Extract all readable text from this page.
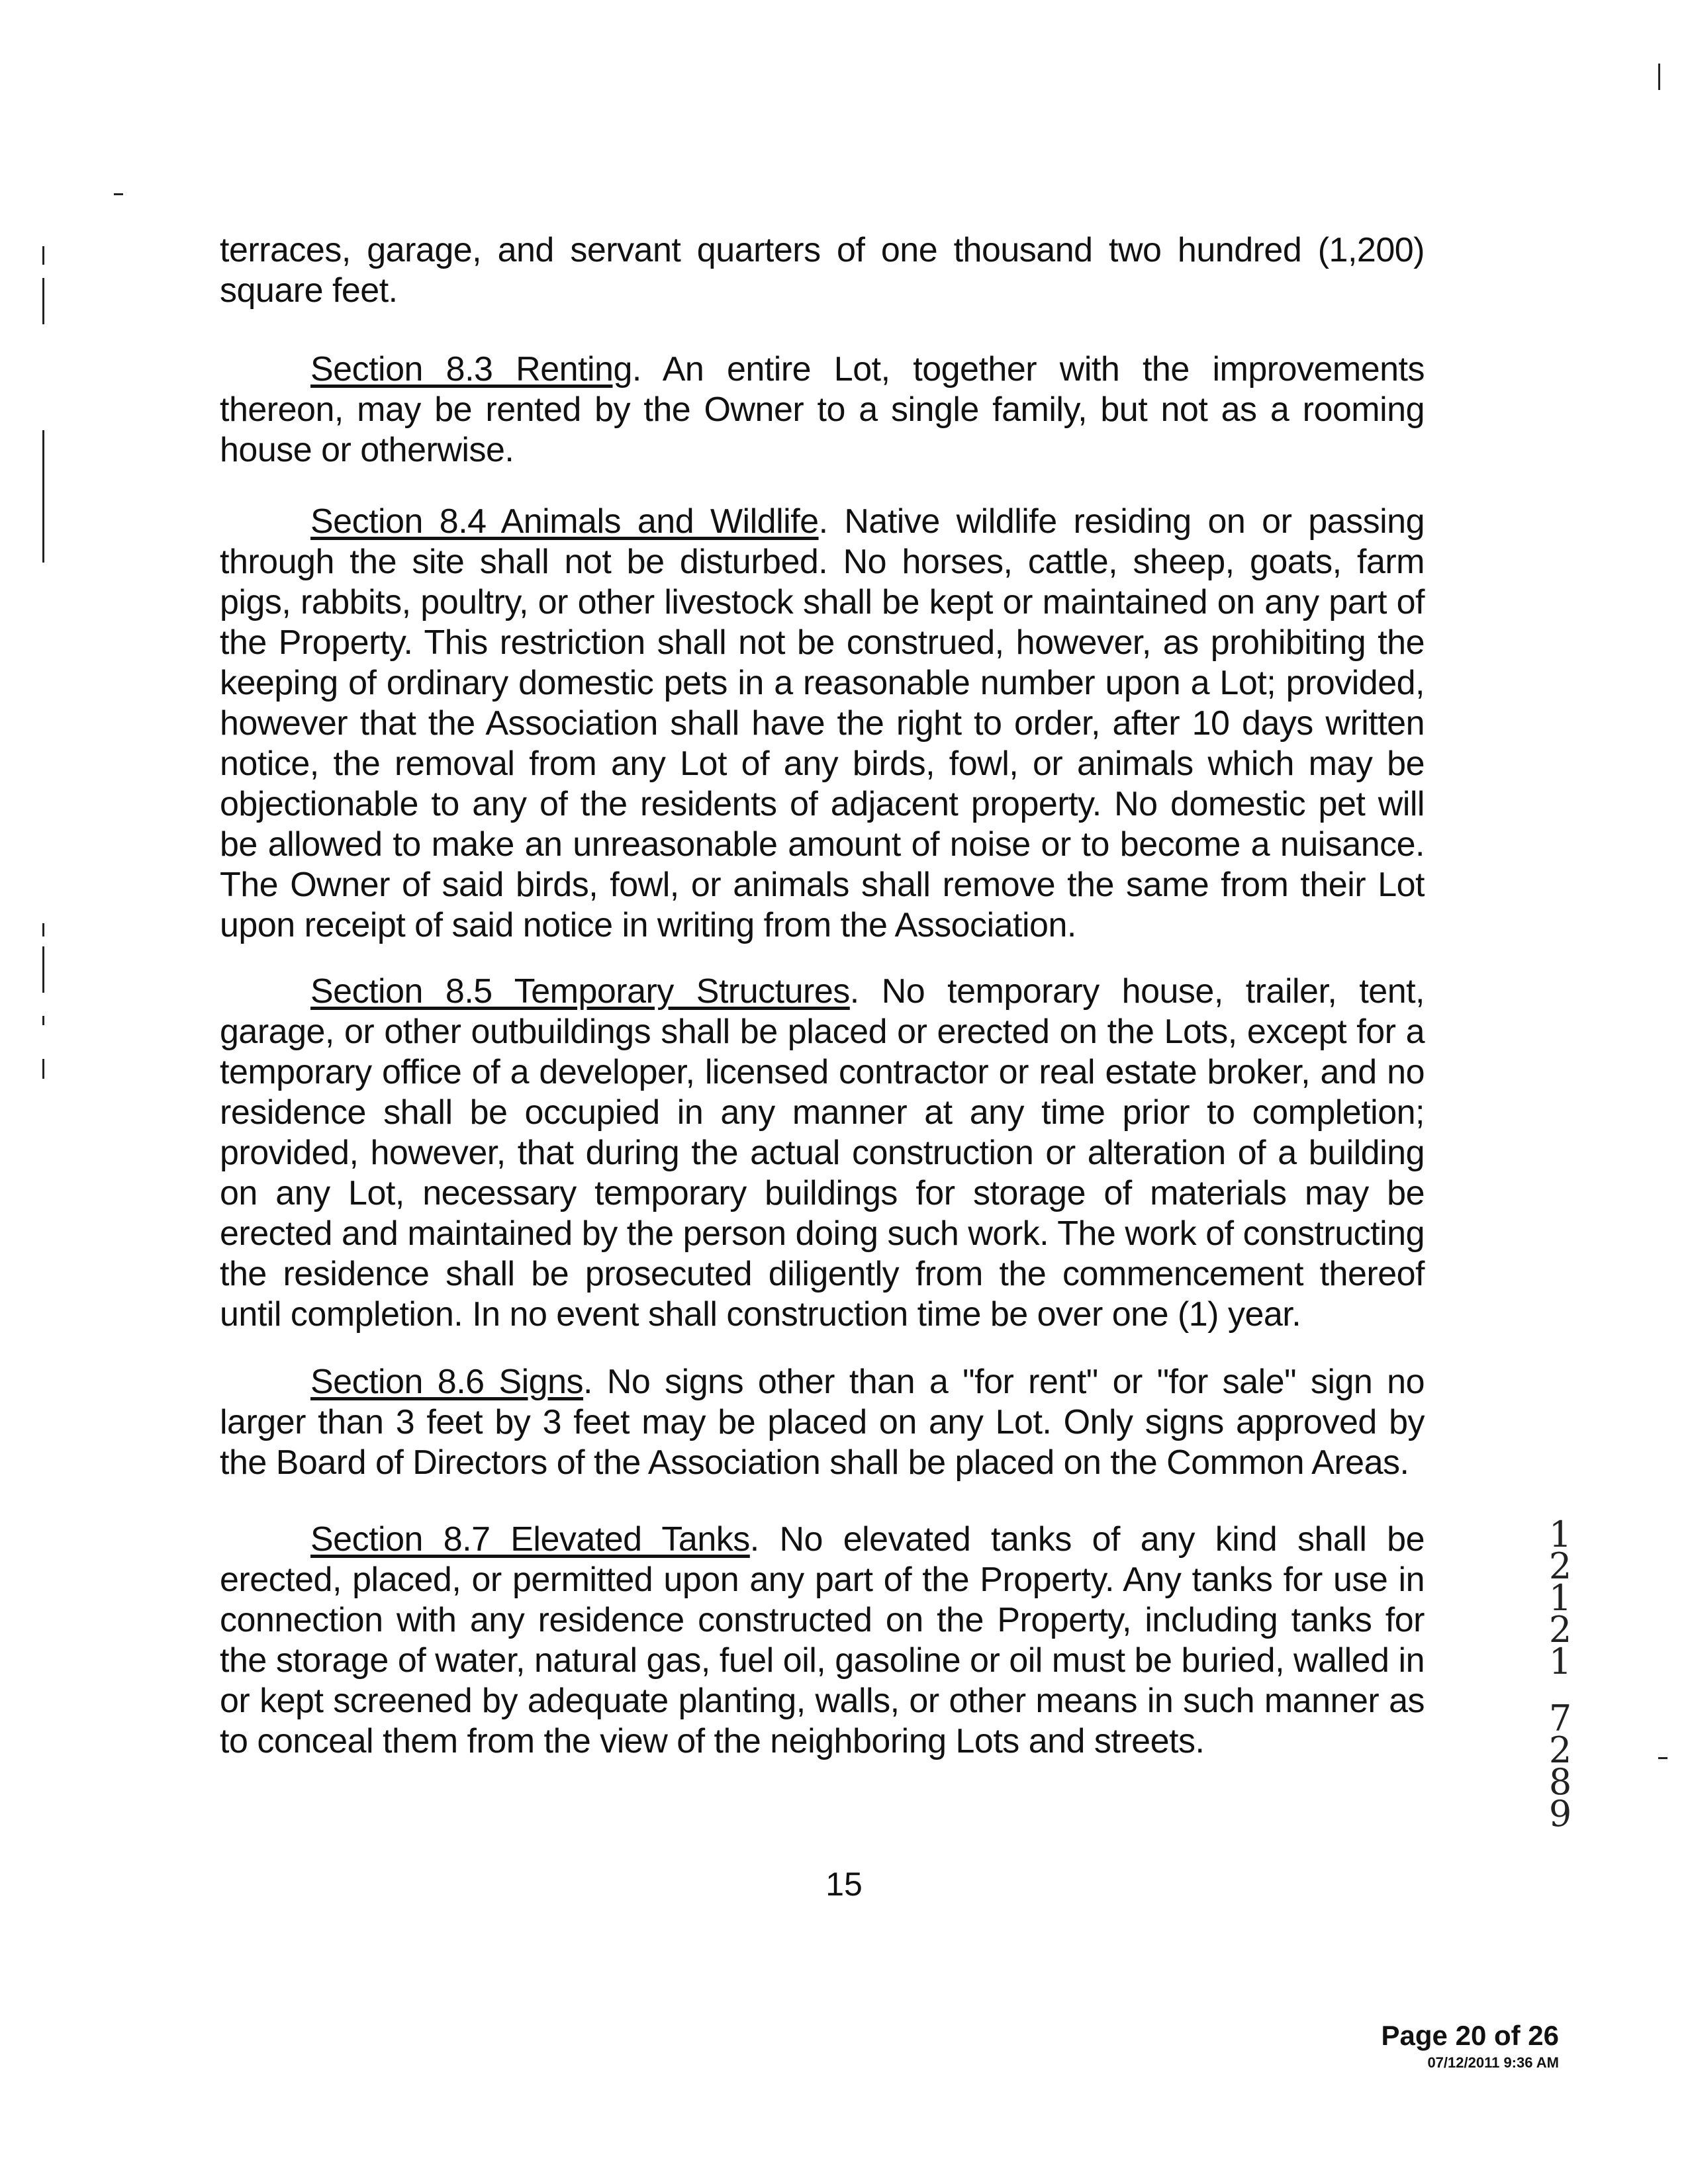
terraces, garage, and servant quarters of one thousand two hundred (1,200) square feet.

Section 8.3 Renting. An entire Lot, together with the improvements thereon, may be rented by the Owner to a single family, but not as a rooming house or otherwise.

Section 8.4 Animals and Wildlife. Native wildlife residing on or passing through the site shall not be disturbed. No horses, cattle, sheep, goats, farm pigs, rabbits, poultry, or other livestock shall be kept or maintained on any part of the Property. This restriction shall not be construed, however, as prohibiting the keeping of ordinary domestic pets in a reasonable number upon a Lot; provided, however that the Association shall have the right to order, after 10 days written notice, the removal from any Lot of any birds, fowl, or animals which may be objectionable to any of the residents of adjacent property. No domestic pet will be allowed to make an unreasonable amount of noise or to become a nuisance. The Owner of said birds, fowl, or animals shall remove the same from their Lot upon receipt of said notice in writing from the Association.

Section 8.5 Temporary Structures. No temporary house, trailer, tent, garage, or other outbuildings shall be placed or erected on the Lots, except for a temporary office of a developer, licensed contractor or real estate broker, and no residence shall be occupied in any manner at any time prior to completion; provided, however, that during the actual construction or alteration of a building on any Lot, necessary temporary buildings for storage of materials may be erected and maintained by the person doing such work. The work of constructing the residence shall be prosecuted diligently from the commencement thereof until completion. In no event shall construction time be over one (1) year.

Section 8.6 Signs. No signs other than a "for rent" or "for sale" sign no larger than 3 feet by 3 feet may be placed on any Lot. Only signs approved by the Board of Directors of the Association shall be placed on the Common Areas.

Section 8.7 Elevated Tanks. No elevated tanks of any kind shall be erected, placed, or permitted upon any part of the Property. Any tanks for use in connection with any residence constructed on the Property, including tanks for the storage of water, natural gas, fuel oil, gasoline or oil must be buried, walled in or kept screened by adequate planting, walls, or other means in such manner as to conceal them from the view of the neighboring Lots and streets.

1
2
1
2
1
7
2
8
9
15
Page 20 of 26
07/12/2011 9:36 AM
